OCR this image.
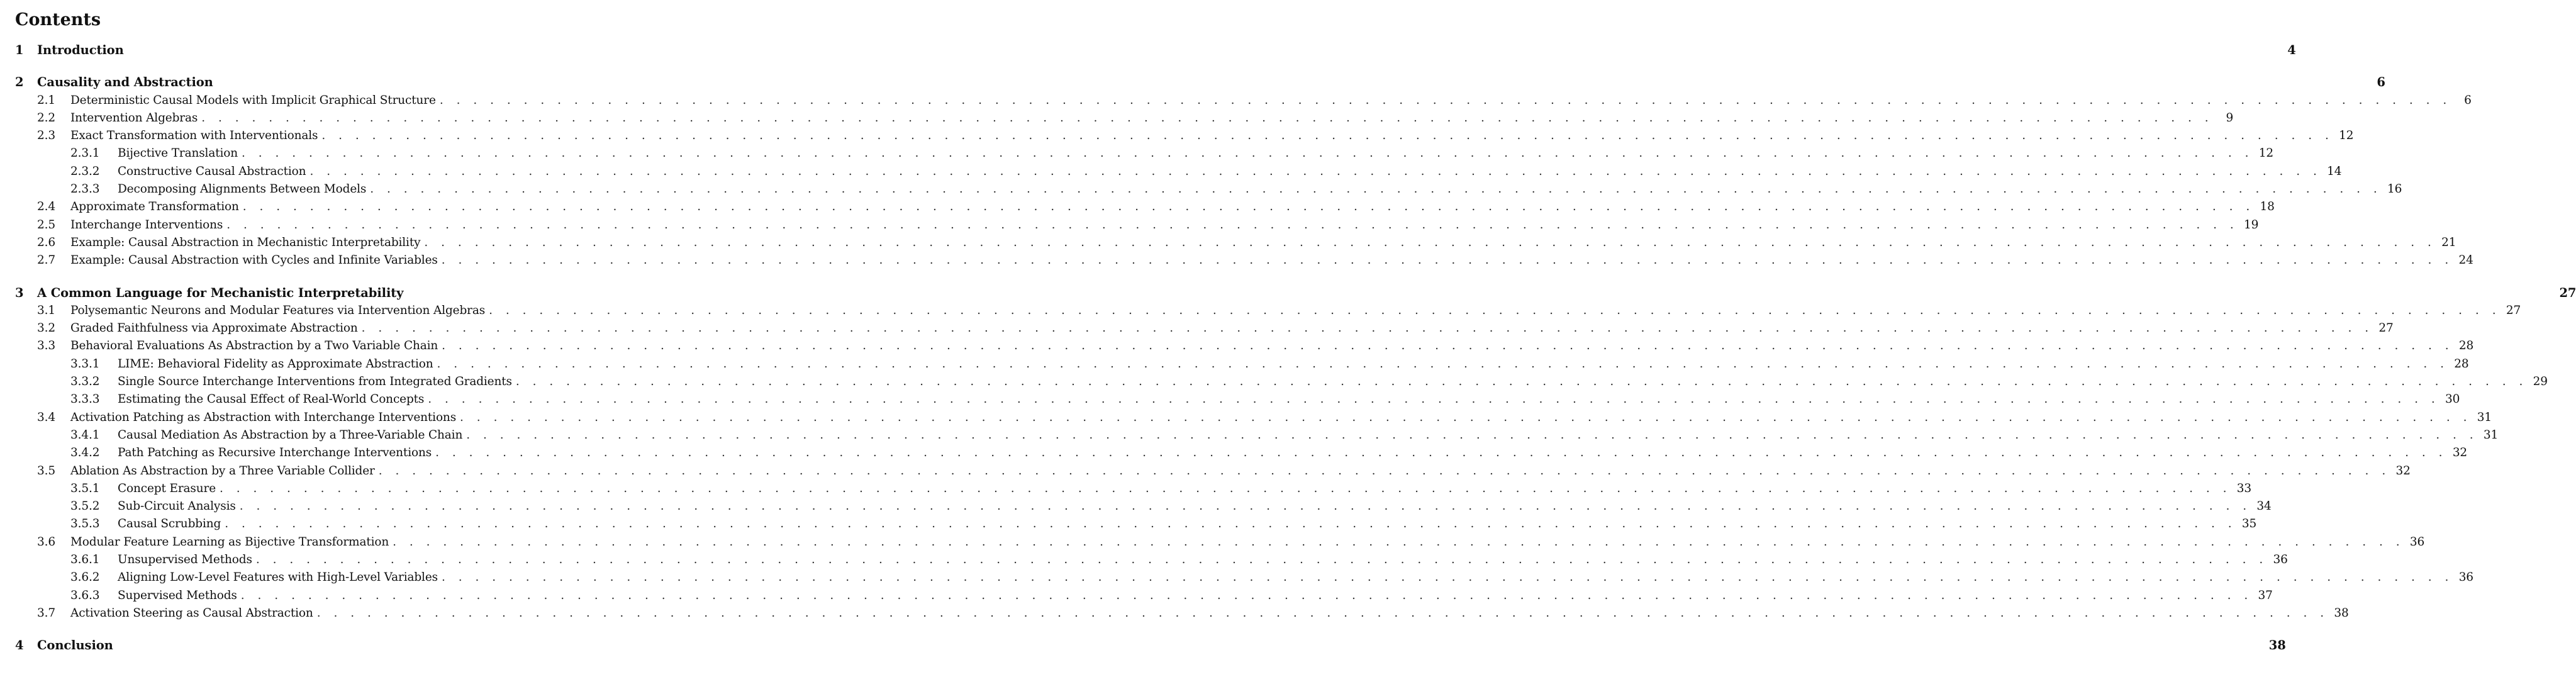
Contents
1	Introduction	4
2	Causality and Abstraction	6
2.1	Deterministic Causal Models with Implicit Graphical Structure . . . . . . . . . . . . . . . . . . . . . . . . . . . . . . . . . . . . . . . . . . . . . . . . . . . . . . . . . . . . . . . . . . . . . . . . . . . . . . . . . . . . . . . . . . . . . . . . . . . . . . . . . . . . . . . . . . . . . . . .	6
2.2	Intervention Algebras . . . . . . . . . . . . . . . . . . . . . . . . . . . . . . . . . . . . . . . . . . . . . . . . . . . . . . . . . . . . . . . . . . . . . . . . . . . . . . . . . . . . . . . . . . . . . . . . . . . . . . . . . . . . . . . . . . . . . . . .	9
2.3	Exact Transformation with Interventionals . . . . . . . . . . . . . . . . . . . . . . . . . . . . . . . . . . . . . . . . . . . . . . . . . . . . . . . . . . . . . . . . . . . . . . . . . . . . . . . . . . . . . . . . . . . . . . . . . . . . . . . . . . . . . . . . . . . . . . . . 12
2.3.1	Bijective Translation . . . . . . . . . . . . . . . . . . . . . . . . . . . . . . . . . . . . . . . . . . . . . . . . . . . . . . . . . . . . . . . . . . . . . . . . . . . . . . . . . . . . . . . . . . . . . . . . . . . . . . . . . . . . . . . . . . . . . . . . 12
2.3.2	Constructive Causal Abstraction . . . . . . . . . . . . . . . . . . . . . . . . . . . . . . . . . . . . . . . . . . . . . . . . . . . . . . . . . . . . . . . . . . . . . . . . . . . . . . . . . . . . . . . . . . . . . . . . . . . . . . . . . . . . . . . . . . . . . . . . 14
2.3.3	Decomposing Alignments Between Models . . . . . . . . . . . . . . . . . . . . . . . . . . . . . . . . . . . . . . . . . . . . . . . . . . . . . . . . . . . . . . . . . . . . . . . . . . . . . . . . . . . . . . . . . . . . . . . . . . . . . . . . . . . . . . . . . . . . . . . . 16
2.4	Approximate Transformation . . . . . . . . . . . . . . . . . . . . . . . . . . . . . . . . . . . . . . . . . . . . . . . . . . . . . . . . . . . . . . . . . . . . . . . . . . . . . . . . . . . . . . . . . . . . . . . . . . . . . . . . . . . . . . . . . . . . . . . . 18
2.5	Interchange Interventions . . . . . . . . . . . . . . . . . . . . . . . . . . . . . . . . . . . . . . . . . . . . . . . . . . . . . . . . . . . . . . . . . . . . . . . . . . . . . . . . . . . . . . . . . . . . . . . . . . . . . . . . . . . . . . . . . . . . . . . . 19
2.6	Example: Causal Abstraction in Mechanistic Interpretability . . . . . . . . . . . . . . . . . . . . . . . . . . . . . . . . . . . . . . . . . . . . . . . . . . . . . . . . . . . . . . . . . . . . . . . . . . . . . . . . . . . . . . . . . . . . . . . . . . . . . . . . . . . . . . . . . . . . . . . . 21
2.7	Example: Causal Abstraction with Cycles and Infinite Variables . . . . . . . . . . . . . . . . . . . . . . . . . . . . . . . . . . . . . . . . . . . . . . . . . . . . . . . . . . . . . . . . . . . . . . . . . . . . . . . . . . . . . . . . . . . . . . . . . . . . . . . . . . . . . . . . . . . . . . . . 24
3	A Common Language for Mechanistic Interpretability	27
3.1	Polysemantic Neurons and Modular Features via Intervention Algebras . . . . . . . . . . . . . . . . . . . . . . . . . . . . . . . . . . . . . . . . . . . . . . . . . . . . . . . . . . . . . . . . . . . . . . . . . . . . . . . . . . . . . . . . . . . . . . . . . . . . . . . . . . . . . . . . . . . . . . . . 27
3.2	Graded Faithfulness via Approximate Abstraction . . . . . . . . . . . . . . . . . . . . . . . . . . . . . . . . . . . . . . . . . . . . . . . . . . . . . . . . . . . . . . . . . . . . . . . . . . . . . . . . . . . . . . . . . . . . . . . . . . . . . . . . . . . . . . . . . . . . . . . . 27
3.3	Behavioral Evaluations As Abstraction by a Two Variable Chain . . . . . . . . . . . . . . . . . . . . . . . . . . . . . . . . . . . . . . . . . . . . . . . . . . . . . . . . . . . . . . . . . . . . . . . . . . . . . . . . . . . . . . . . . . . . . . . . . . . . . . . . . . . . . . . . . . . . . . . . 28
3.3.1	LIME: Behavioral Fidelity as Approximate Abstraction . . . . . . . . . . . . . . . . . . . . . . . . . . . . . . . . . . . . . . . . . . . . . . . . . . . . . . . . . . . . . . . . . . . . . . . . . . . . . . . . . . . . . . . . . . . . . . . . . . . . . . . . . . . . . . . . . . . . . . . . 28
3.3.2	Single Source Interchange Interventions from Integrated Gradients . . . . . . . . . . . . . . . . . . . . . . . . . . . . . . . . . . . . . . . . . . . . . . . . . . . . . . . . . . . . . . . . . . . . . . . . . . . . . . . . . . . . . . . . . . . . . . . . . . . . . . . . . . . . . . . . . . . . . . . . 29
3.3.3	Estimating the Causal Effect of Real-World Concepts . . . . . . . . . . . . . . . . . . . . . . . . . . . . . . . . . . . . . . . . . . . . . . . . . . . . . . . . . . . . . . . . . . . . . . . . . . . . . . . . . . . . . . . . . . . . . . . . . . . . . . . . . . . . . . . . . . . . . . . . 30
3.4	Activation Patching as Abstraction with Interchange Interventions . . . . . . . . . . . . . . . . . . . . . . . . . . . . . . . . . . . . . . . . . . . . . . . . . . . . . . . . . . . . . . . . . . . . . . . . . . . . . . . . . . . . . . . . . . . . . . . . . . . . . . . . . . . . . . . . . . . . . . . . 31
3.4.1	Causal Mediation As Abstraction by a Three-Variable Chain . . . . . . . . . . . . . . . . . . . . . . . . . . . . . . . . . . . . . . . . . . . . . . . . . . . . . . . . . . . . . . . . . . . . . . . . . . . . . . . . . . . . . . . . . . . . . . . . . . . . . . . . . . . . . . . . . . . . . . . . 31
3.4.2	Path Patching as Recursive Interchange Interventions . . . . . . . . . . . . . . . . . . . . . . . . . . . . . . . . . . . . . . . . . . . . . . . . . . . . . . . . . . . . . . . . . . . . . . . . . . . . . . . . . . . . . . . . . . . . . . . . . . . . . . . . . . . . . . . . . . . . . . . . 32
3.5	Ablation As Abstraction by a Three Variable Collider . . . . . . . . . . . . . . . . . . . . . . . . . . . . . . . . . . . . . . . . . . . . . . . . . . . . . . . . . . . . . . . . . . . . . . . . . . . . . . . . . . . . . . . . . . . . . . . . . . . . . . . . . . . . . . . . . . . . . . . . 32
3.5.1	Concept Erasure . . . . . . . . . . . . . . . . . . . . . . . . . . . . . . . . . . . . . . . . . . . . . . . . . . . . . . . . . . . . . . . . . . . . . . . . . . . . . . . . . . . . . . . . . . . . . . . . . . . . . . . . . . . . . . . . . . . . . . . . 33
3.5.2	Sub-Circuit Analysis . . . . . . . . . . . . . . . . . . . . . . . . . . . . . . . . . . . . . . . . . . . . . . . . . . . . . . . . . . . . . . . . . . . . . . . . . . . . . . . . . . . . . . . . . . . . . . . . . . . . . . . . . . . . . . . . . . . . . . . . 34
3.5.3	Causal Scrubbing . . . . . . . . . . . . . . . . . . . . . . . . . . . . . . . . . . . . . . . . . . . . . . . . . . . . . . . . . . . . . . . . . . . . . . . . . . . . . . . . . . . . . . . . . . . . . . . . . . . . . . . . . . . . . . . . . . . . . . . . 35
3.6	Modular Feature Learning as Bijective Transformation . . . . . . . . . . . . . . . . . . . . . . . . . . . . . . . . . . . . . . . . . . . . . . . . . . . . . . . . . . . . . . . . . . . . . . . . . . . . . . . . . . . . . . . . . . . . . . . . . . . . . . . . . . . . . . . . . . . . . . . . 36
3.6.1	Unsupervised Methods . . . . . . . . . . . . . . . . . . . . . . . . . . . . . . . . . . . . . . . . . . . . . . . . . . . . . . . . . . . . . . . . . . . . . . . . . . . . . . . . . . . . . . . . . . . . . . . . . . . . . . . . . . . . . . . . . . . . . . . . 36
3.6.2	Aligning Low-Level Features with High-Level Variables . . . . . . . . . . . . . . . . . . . . . . . . . . . . . . . . . . . . . . . . . . . . . . . . . . . . . . . . . . . . . . . . . . . . . . . . . . . . . . . . . . . . . . . . . . . . . . . . . . . . . . . . . . . . . . . . . . . . . . . . 36
3.6.3	Supervised Methods . . . . . . . . . . . . . . . . . . . . . . . . . . . . . . . . . . . . . . . . . . . . . . . . . . . . . . . . . . . . . . . . . . . . . . . . . . . . . . . . . . . . . . . . . . . . . . . . . . . . . . . . . . . . . . . . . . . . . . . . 37
3.7	Activation Steering as Causal Abstraction . . . . . . . . . . . . . . . . . . . . . . . . . . . . . . . . . . . . . . . . . . . . . . . . . . . . . . . . . . . . . . . . . . . . . . . . . . . . . . . . . . . . . . . . . . . . . . . . . . . . . . . . . . . . . . . . . . . . . . . . 38
4	Conclusion	38
